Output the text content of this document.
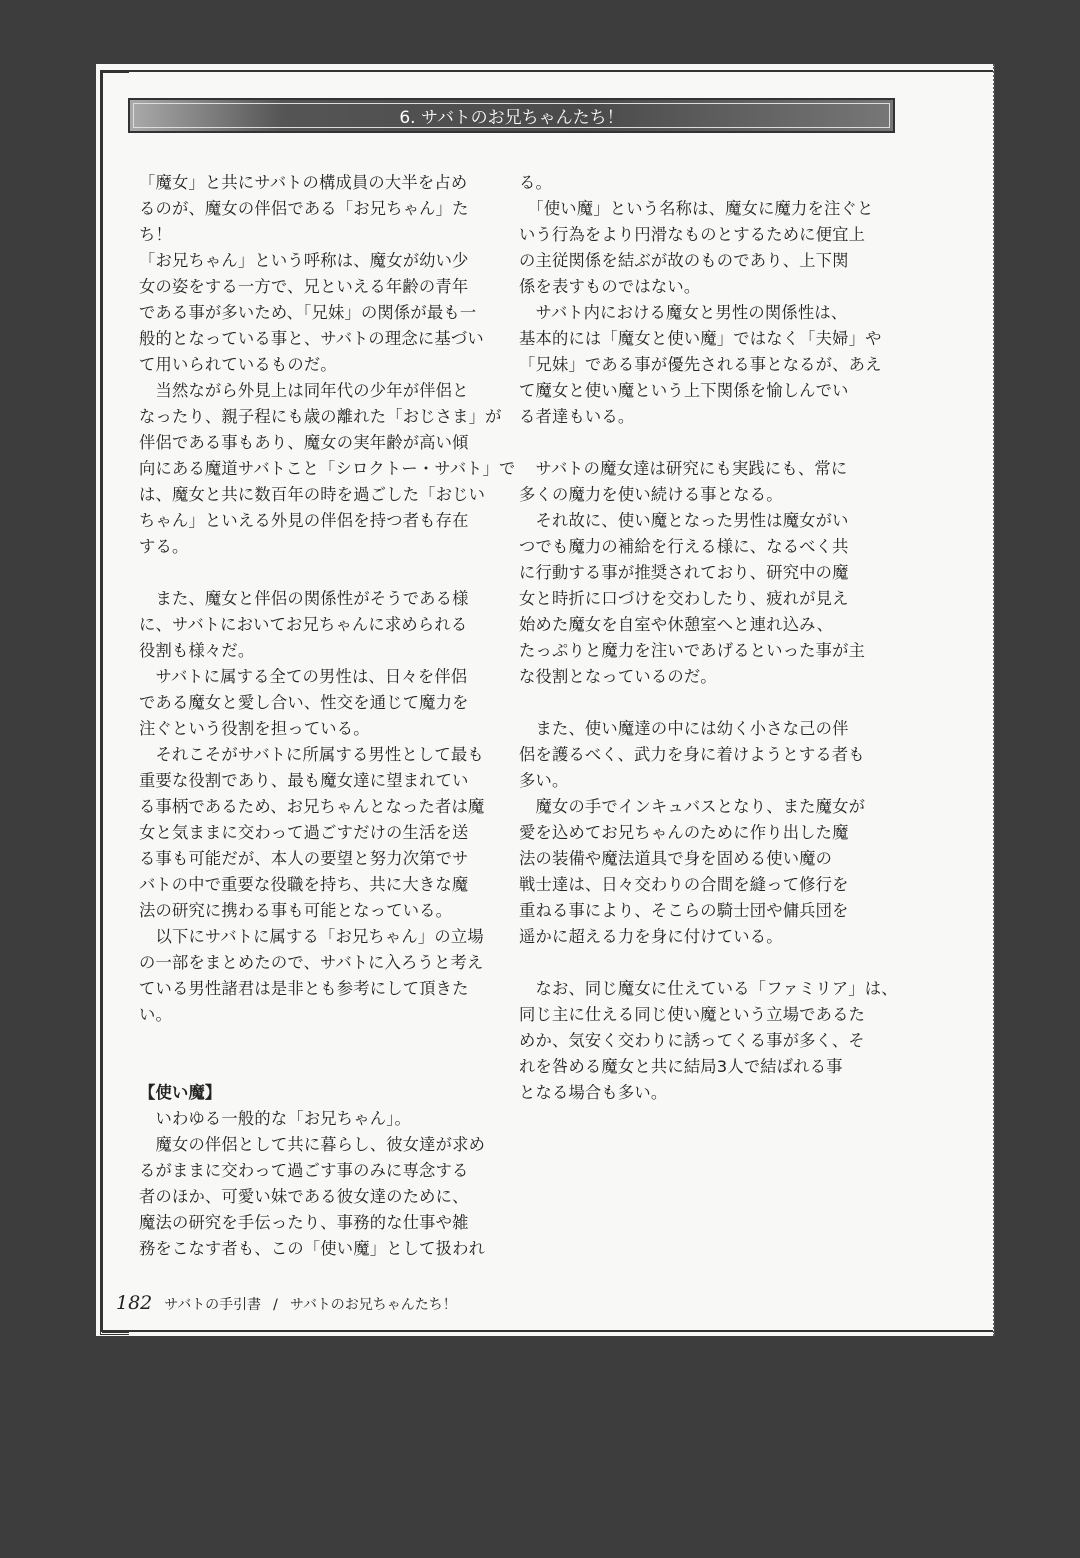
6. サバトのお兄ちゃんたち！
「魔女」と共にサバトの構成員の大半を占め
るのが、魔女の伴侶である「お兄ちゃん」た
ち！
「お兄ちゃん」という呼称は、魔女が幼い少
女の姿をする一方で、兄といえる年齢の青年
である事が多いため、「兄妹」の関係が最も一
般的となっている事と、サバトの理念に基づい
て用いられているものだ。
　当然ながら外見上は同年代の少年が伴侶と
なったり、親子程にも歳の離れた「おじさま」が
伴侶である事もあり、魔女の実年齢が高い傾
向にある魔道サバトこと「シロクトー・サバト」で
は、魔女と共に数百年の時を過ごした「おじい
ちゃん」といえる外見の伴侶を持つ者も存在
する。
　また、魔女と伴侶の関係性がそうである様
に、サバトにおいてお兄ちゃんに求められる
役割も様々だ。
　サバトに属する全ての男性は、日々を伴侶
である魔女と愛し合い、性交を通じて魔力を
注ぐという役割を担っている。
　それこそがサバトに所属する男性として最も
重要な役割であり、最も魔女達に望まれてい
る事柄であるため、お兄ちゃんとなった者は魔
女と気ままに交わって過ごすだけの生活を送
る事も可能だが、本人の要望と努力次第でサ
バトの中で重要な役職を持ち、共に大きな魔
法の研究に携わる事も可能となっている。
　以下にサバトに属する「お兄ちゃん」の立場
の一部をまとめたので、サバトに入ろうと考え
ている男性諸君は是非とも参考にして頂きた
い。
【使い魔】
　いわゆる一般的な「お兄ちゃん」。
　魔女の伴侶として共に暮らし、彼女達が求め
るがままに交わって過ごす事のみに専念する
者のほか、可愛い妹である彼女達のために、
魔法の研究を手伝ったり、事務的な仕事や雑
務をこなす者も、この「使い魔」として扱われ
る。
　「使い魔」という名称は、魔女に魔力を注ぐと
いう行為をより円滑なものとするために便宜上
の主従関係を結ぶが故のものであり、上下関
係を表すものではない。
　サバト内における魔女と男性の関係性は、
基本的には「魔女と使い魔」ではなく「夫婦」や
「兄妹」である事が優先される事となるが、あえ
て魔女と使い魔という上下関係を愉しんでい
る者達もいる。
　サバトの魔女達は研究にも実践にも、常に
多くの魔力を使い続ける事となる。
　それ故に、使い魔となった男性は魔女がい
つでも魔力の補給を行える様に、なるべく共
に行動する事が推奨されており、研究中の魔
女と時折に口づけを交わしたり、疲れが見え
始めた魔女を自室や休憩室へと連れ込み、
たっぷりと魔力を注いであげるといった事が主
な役割となっているのだ。
　また、使い魔達の中には幼く小さな己の伴
侶を護るべく、武力を身に着けようとする者も
多い。
　魔女の手でインキュバスとなり、また魔女が
愛を込めてお兄ちゃんのために作り出した魔
法の装備や魔法道具で身を固める使い魔の
戦士達は、日々交わりの合間を縫って修行を
重ねる事により、そこらの騎士団や傭兵団を
遥かに超える力を身に付けている。
　なお、同じ魔女に仕えている「ファミリア」は、
同じ主に仕える同じ使い魔という立場であるた
めか、気安く交わりに誘ってくる事が多く、そ
れを咎める魔女と共に結局3人で結ばれる事
となる場合も多い。
182 サバトの手引書 / サバトのお兄ちゃんたち！
